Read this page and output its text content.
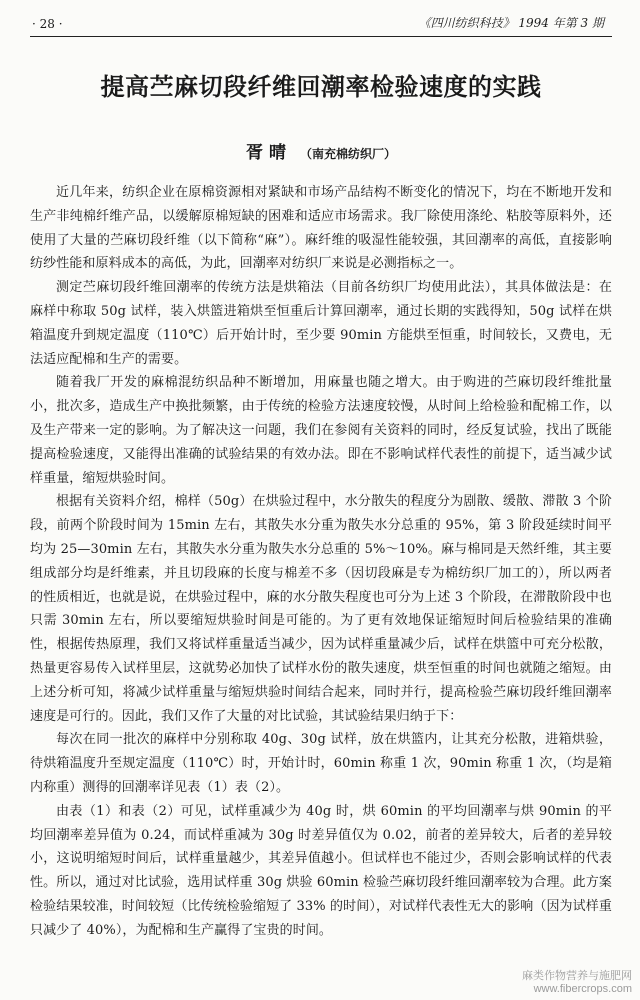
· 28 ·	《四川纺织科技》 1994 年第 3 期
提高苎麻切段纤维回潮率检验速度的实践
胥 晴 （南充棉纺织厂）

近几年来，纺织企业在原棉资源相对紧缺和市场产品结构不断变化的情况下，均在不断地开发和生产非纯棉纤维产品，以缓解原棉短缺的困难和适应市场需求。我厂除使用涤纶、粘胶等原料外，还使用了大量的苎麻切段纤维（以下简称“麻”）。麻纤维的吸湿性能较强，其回潮率的高低，直接影响纺纱性能和原料成本的高低，为此，回潮率对纺织厂来说是必测指标之一。

测定苎麻切段纤维回潮率的传统方法是烘箱法（目前各纺织厂均使用此法），其具体做法是：在麻样中称取 50g 试样，装入烘篮进箱烘至恒重后计算回潮率，通过长期的实践得知，50g 试样在烘箱温度升到规定温度（110℃）后开始计时，至少要 90min 方能烘至恒重，时间较长，又费电，无法适应配棉和生产的需要。

随着我厂开发的麻棉混纺织品种不断增加，用麻量也随之增大。由于购进的苎麻切段纤维批量小，批次多，造成生产中换批频繁，由于传统的检验方法速度较慢，从时间上给检验和配棉工作，以及生产带来一定的影响。为了解决这一问题，我们在参阅有关资料的同时，经反复试验，找出了既能提高检验速度，又能得出准确的试验结果的有效办法。即在不影响试样代表性的前提下，适当减少试样重量，缩短烘验时间。

根据有关资料介绍，棉样（50g）在烘验过程中，水分散失的程度分为剧散、缓散、滞散 3 个阶段，前两个阶段时间为 15min 左右，其散失水分重为散失水分总重的 95%，第 3 阶段延续时间平均为 25—30min 左右，其散失水分重为散失水分总重的 5%～10%。麻与棉同是天然纤维，其主要组成部分均是纤维素，并且切段麻的长度与棉差不多（因切段麻是专为棉纺织厂加工的），所以两者的性质相近，也就是说，在烘验过程中，麻的水分散失程度也可分为上述 3 个阶段，在滞散阶段中也只需 30min 左右，所以要缩短烘验时间是可能的。为了更有效地保证缩短时间后检验结果的准确性，根据传热原理，我们又将试样重量适当减少，因为试样重量减少后，试样在烘篮中可充分松散，热量更容易传入试样里层，这就势必加快了试样水份的散失速度，烘至恒重的时间也就随之缩短。由上述分析可知，将减少试样重量与缩短烘验时间结合起来，同时并行，提高检验苎麻切段纤维回潮率速度是可行的。因此，我们又作了大量的对比试验，其试验结果归纳于下：

每次在同一批次的麻样中分别称取 40g、30g 试样，放在烘篮内，让其充分松散，进箱烘验，待烘箱温度升至规定温度（110℃）时，开始计时，60min 称重 1 次，90min 称重 1 次，（均是箱内称重）测得的回潮率详见表（1）表（2）。

由表（1）和表（2）可见，试样重减少为 40g 时，烘 60min 的平均回潮率与烘 90min 的平均回潮率差异值为 0.24，而试样重减为 30g 时差异值仅为 0.02，前者的差异较大，后者的差异较小，这说明缩短时间后，试样重量越少，其差异值越小。但试样也不能过少，否则会影响试样的代表性。所以，通过对比试验，选用试样重 30g 烘验 60min 检验苎麻切段纤维回潮率较为合理。此方案检验结果较准，时间较短（比传统检验缩短了 33% 的时间），对试样代表性无大的影响（因为试样重只减少了 40%），为配棉和生产赢得了宝贵的时间。

麻类作物营养与施肥网
www.fibercrops.com
